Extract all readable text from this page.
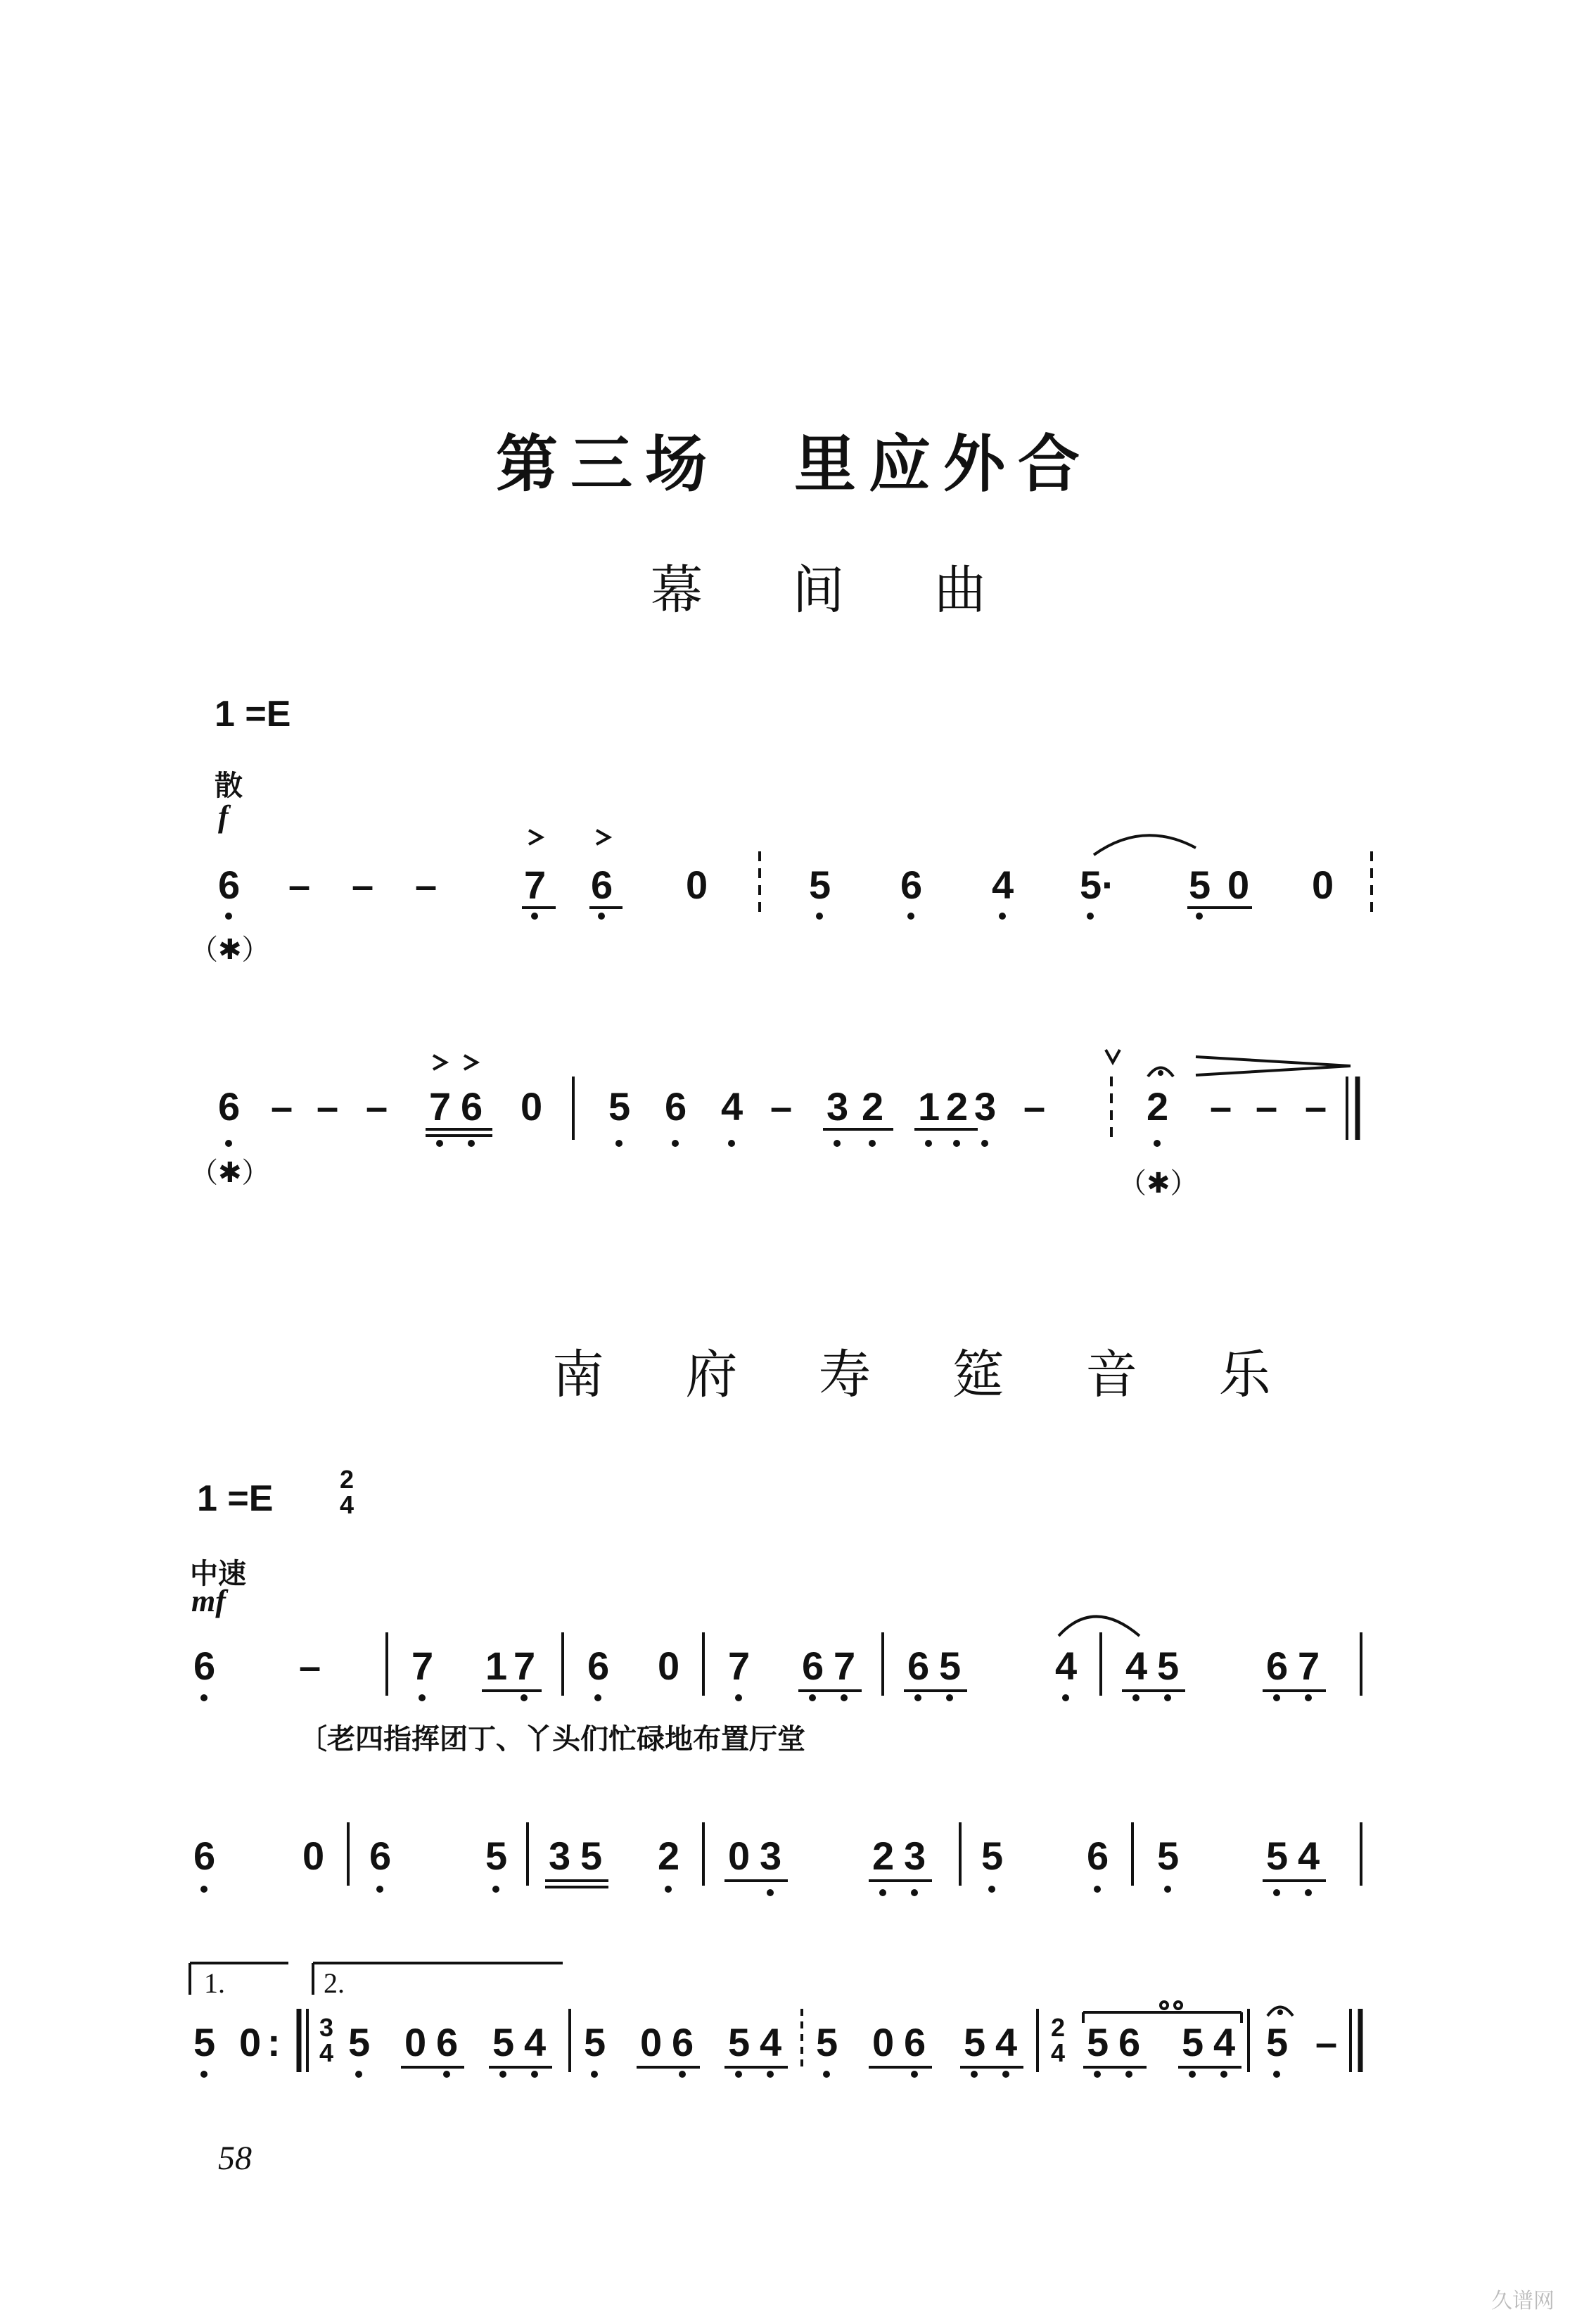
第三场　里应外合
幕 间 曲
1 =E
散
f
6 – – – 7 6 0	5 6 4 5· 5 0 0
（✱）
6 – – – 7 6 0 5 6 4 – 3 2 1 2 3 –	2 – – –
（✱）	（✱）
南 府 寿 筵 音 乐
1 =E	2
4
中速
mf
6 – 7 1 7 6 0 7 6 7 6 5 4 4 5 6 7
〔老四指挥团丁、丫头们忙碌地布置厅堂
6 0 6 5 3 5 2 0 3 2 3 5 6 5 5 4
1.	2.
5 0 : 3
4 5 0 6 5 4 5 0 6 5 4 5 0 6 5 4 2
4 5 6 5 4 5 –
58
久谱网
